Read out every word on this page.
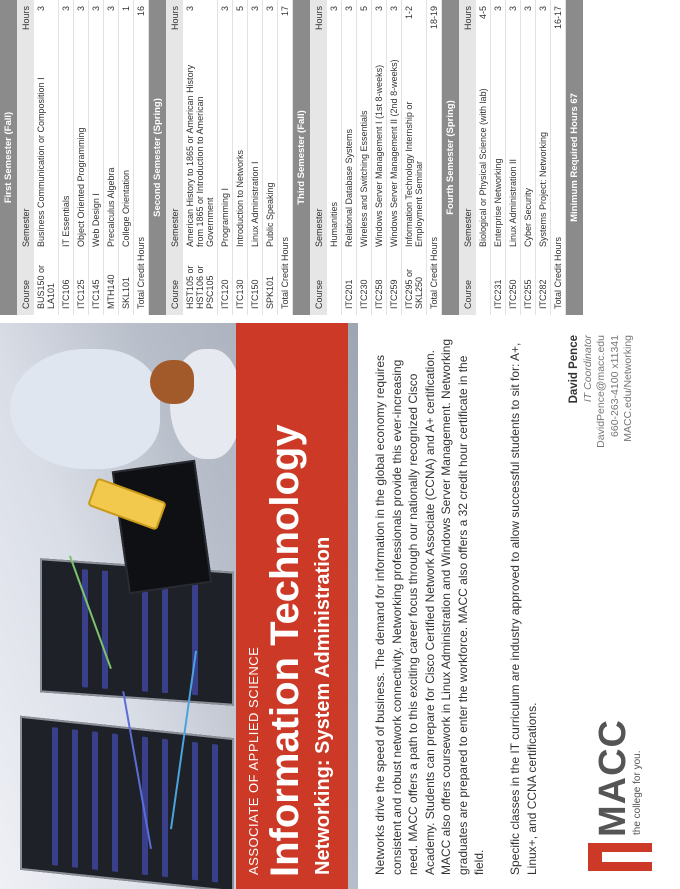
ASSOCIATE OF APPLIED SCIENCE Information Technology Networking: System Administration	Networks drive the speed of business. The demand for information in the global economy requires consistent and robust network connectivity. Networking professionals provide this ever-increasing need. MACC offers a path to this exciting career focus through our nationally recognized Cisco Academy. Students can prepare for Cisco Certified Network Associate (CCNA) and A+ certification. MACC also offers coursework in Linux Administration and Windows Server Management. Networking graduates are prepared to enter the workforce. MACC also offers a 32 credit hour certificate in the field. Specific classes in the IT curriculum are industry approved to allow successful students to sit for: A+, Linux+, and CCNA certifications. MACC
the college for you.
David Pence IT Coordinator DavidPence@macc.edu 660-263-4100 x11341 MACC.edu/Networking
First Semester (Fall)
Course
Semester
Hours
BUS150 or LA101
Business Communication or Composition I
3
ITC106
IT Essentials
3
ITC125
Object Oriented Programming
3
ITC145
Web Design I
3
MTH140
Precalculus Algebra
3
SKL101
College Orientation
1
Total Credit Hours
16
Second Semester (Spring)
Course
Semester
Hours
HST105 or HST106 or PSC105
American History to 1865 or American History from 1865 or Introduction to American Government
3
ITC120
Programming I
3
ITC130
Introduction to Networks
5
ITC150
Linux Administration I
3
SPK101
Public Speaking
3
Total Credit Hours
17
Third Semester (Fall)
Course
Semester
Hours
Humanities
3
ITC201
Relational Database Systems
3
ITC230
Wireless and Switching Essentials
5
ITC258
Windows Server Management I (1st 8-weeks)
3
ITC259
Windows Server Management II (2nd 8-weeks)
3
ITC295 or SKL250
Information Technology Internship or Employment Seminar
1-2
Total Credit Hours
18-19
Fourth Semester (Spring)
Course
Semester
Hours
Biological or Physical Science (with lab)
4-5
ITC231
Enterprise Networking
3
ITC250
Linux Administration II
3
ITC255
Cyber Security
3
ITC282
Systems Project: Networking
3
Total Credit Hours
16-17
Minimum Required Hours 67
